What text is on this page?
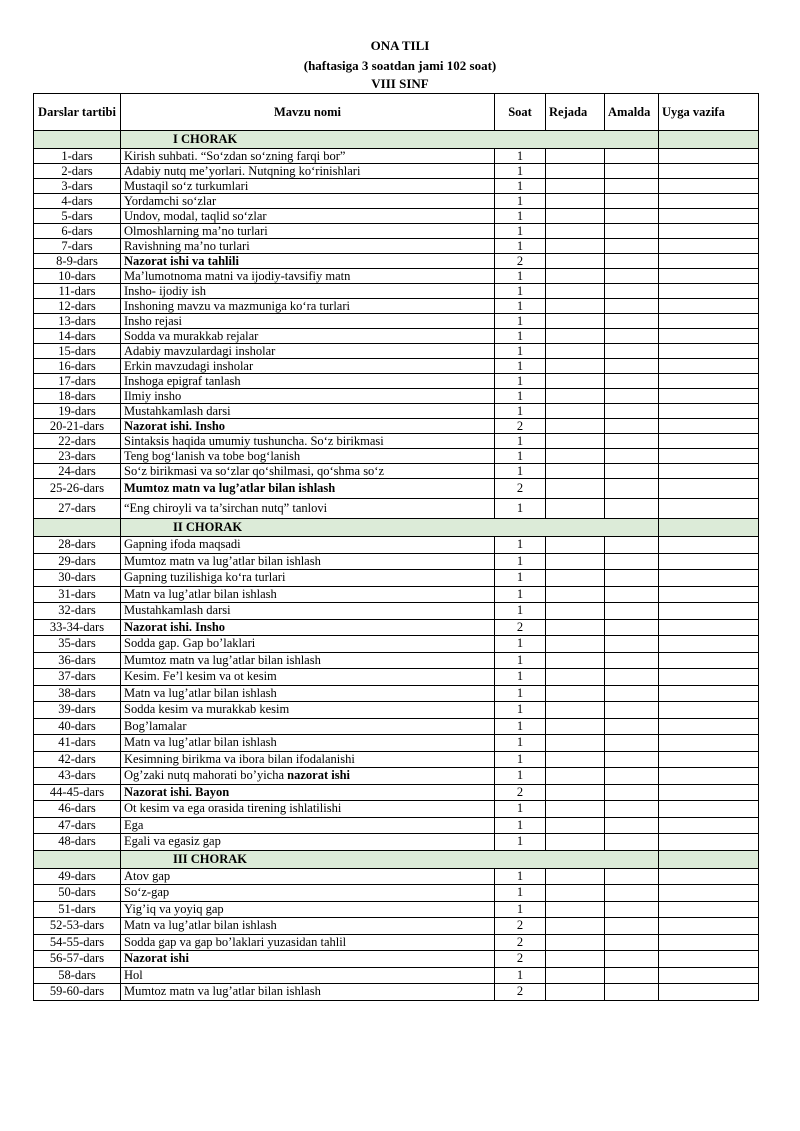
ONA TILI
(haftasiga 3 soatdan jami 102 soat)
VIII SINF
Darslar tartibi	Mavzu nomi	Soat	Rejada	Amalda	Uyga vazifa
	I CHORAK				
1-dars	Kirish suhbati. “So‘zdan so‘zning farqi bor”	1			
2-dars	Adabiy nutq me’yorlari. Nutqning ko‘rinishlari	1			
3-dars	Mustaqil so‘z turkumlari	1			
4-dars	Yordamchi so‘zlar	1			
5-dars	Undov, modal, taqlid so‘zlar	1			
6-dars	Olmoshlarning ma’no turlari	1			
7-dars	Ravishning ma’no turlari	1			
8-9-dars	Nazorat ishi va tahlili	2			
10-dars	Ma’lumotnoma matni va ijodiy-tavsifiy matn	1			
11-dars	Insho- ijodiy ish	1			
12-dars	Inshoning mavzu va mazmuniga ko‘ra turlari	1			
13-dars	Insho rejasi	1			
14-dars	Sodda va murakkab rejalar	1			
15-dars	Adabiy mavzulardagi insholar	1			
16-dars	Erkin mavzudagi insholar	1			
17-dars	Inshoga epigraf tanlash	1			
18-dars	Ilmiy insho	1			
19-dars	Mustahkamlash darsi	1			
20-21-dars	Nazorat ishi. Insho	2			
22-dars	Sintaksis haqida umumiy tushuncha. So‘z birikmasi	1			
23-dars	Teng bog‘lanish va tobe bog‘lanish	1			
24-dars	So‘z birikmasi va so‘zlar qo‘shilmasi, qo‘shma so‘z	1			
25-26-dars	Mumtoz matn va lug’atlar bilan ishlash	2			
27-dars	“Eng chiroyli va ta’sirchan nutq” tanlovi	1			
	II CHORAK				
28-dars	Gapning ifoda maqsadi	1			
29-dars	Mumtoz matn va lug’atlar bilan ishlash	1			
30-dars	Gapning tuzilishiga ko‘ra turlari	1			
31-dars	Matn va lug’atlar bilan ishlash	1			
32-dars	Mustahkamlash darsi	1			
33-34-dars	Nazorat ishi. Insho	2			
35-dars	Sodda gap. Gap bo’laklari	1			
36-dars	Mumtoz matn va lug’atlar bilan ishlash	1			
37-dars	Kesim. Fe’l kesim va ot kesim	1			
38-dars	Matn va lug’atlar bilan ishlash	1			
39-dars	Sodda kesim va murakkab kesim	1			
40-dars	Bog’lamalar	1			
41-dars	Matn va lug’atlar bilan ishlash	1			
42-dars	Kesimning birikma va ibora bilan ifodalanishi	1			
43-dars	Og’zaki nutq mahorati bo’yicha nazorat ishi	1			
44-45-dars	Nazorat ishi. Bayon	2			
46-dars	Ot kesim va ega orasida tirening ishlatilishi	1			
47-dars	Ega	1			
48-dars	Egali va egasiz gap	1			
	III CHORAK				
49-dars	Atov gap	1			
50-dars	So‘z-gap	1			
51-dars	Yig’iq va yoyiq gap	1			
52-53-dars	Matn va lug’atlar bilan ishlash	2			
54-55-dars	Sodda gap va gap bo’laklari yuzasidan tahlil	2			
56-57-dars	Nazorat ishi	2			
58-dars	Hol	1			
59-60-dars	Mumtoz matn va lug’atlar bilan ishlash	2			
